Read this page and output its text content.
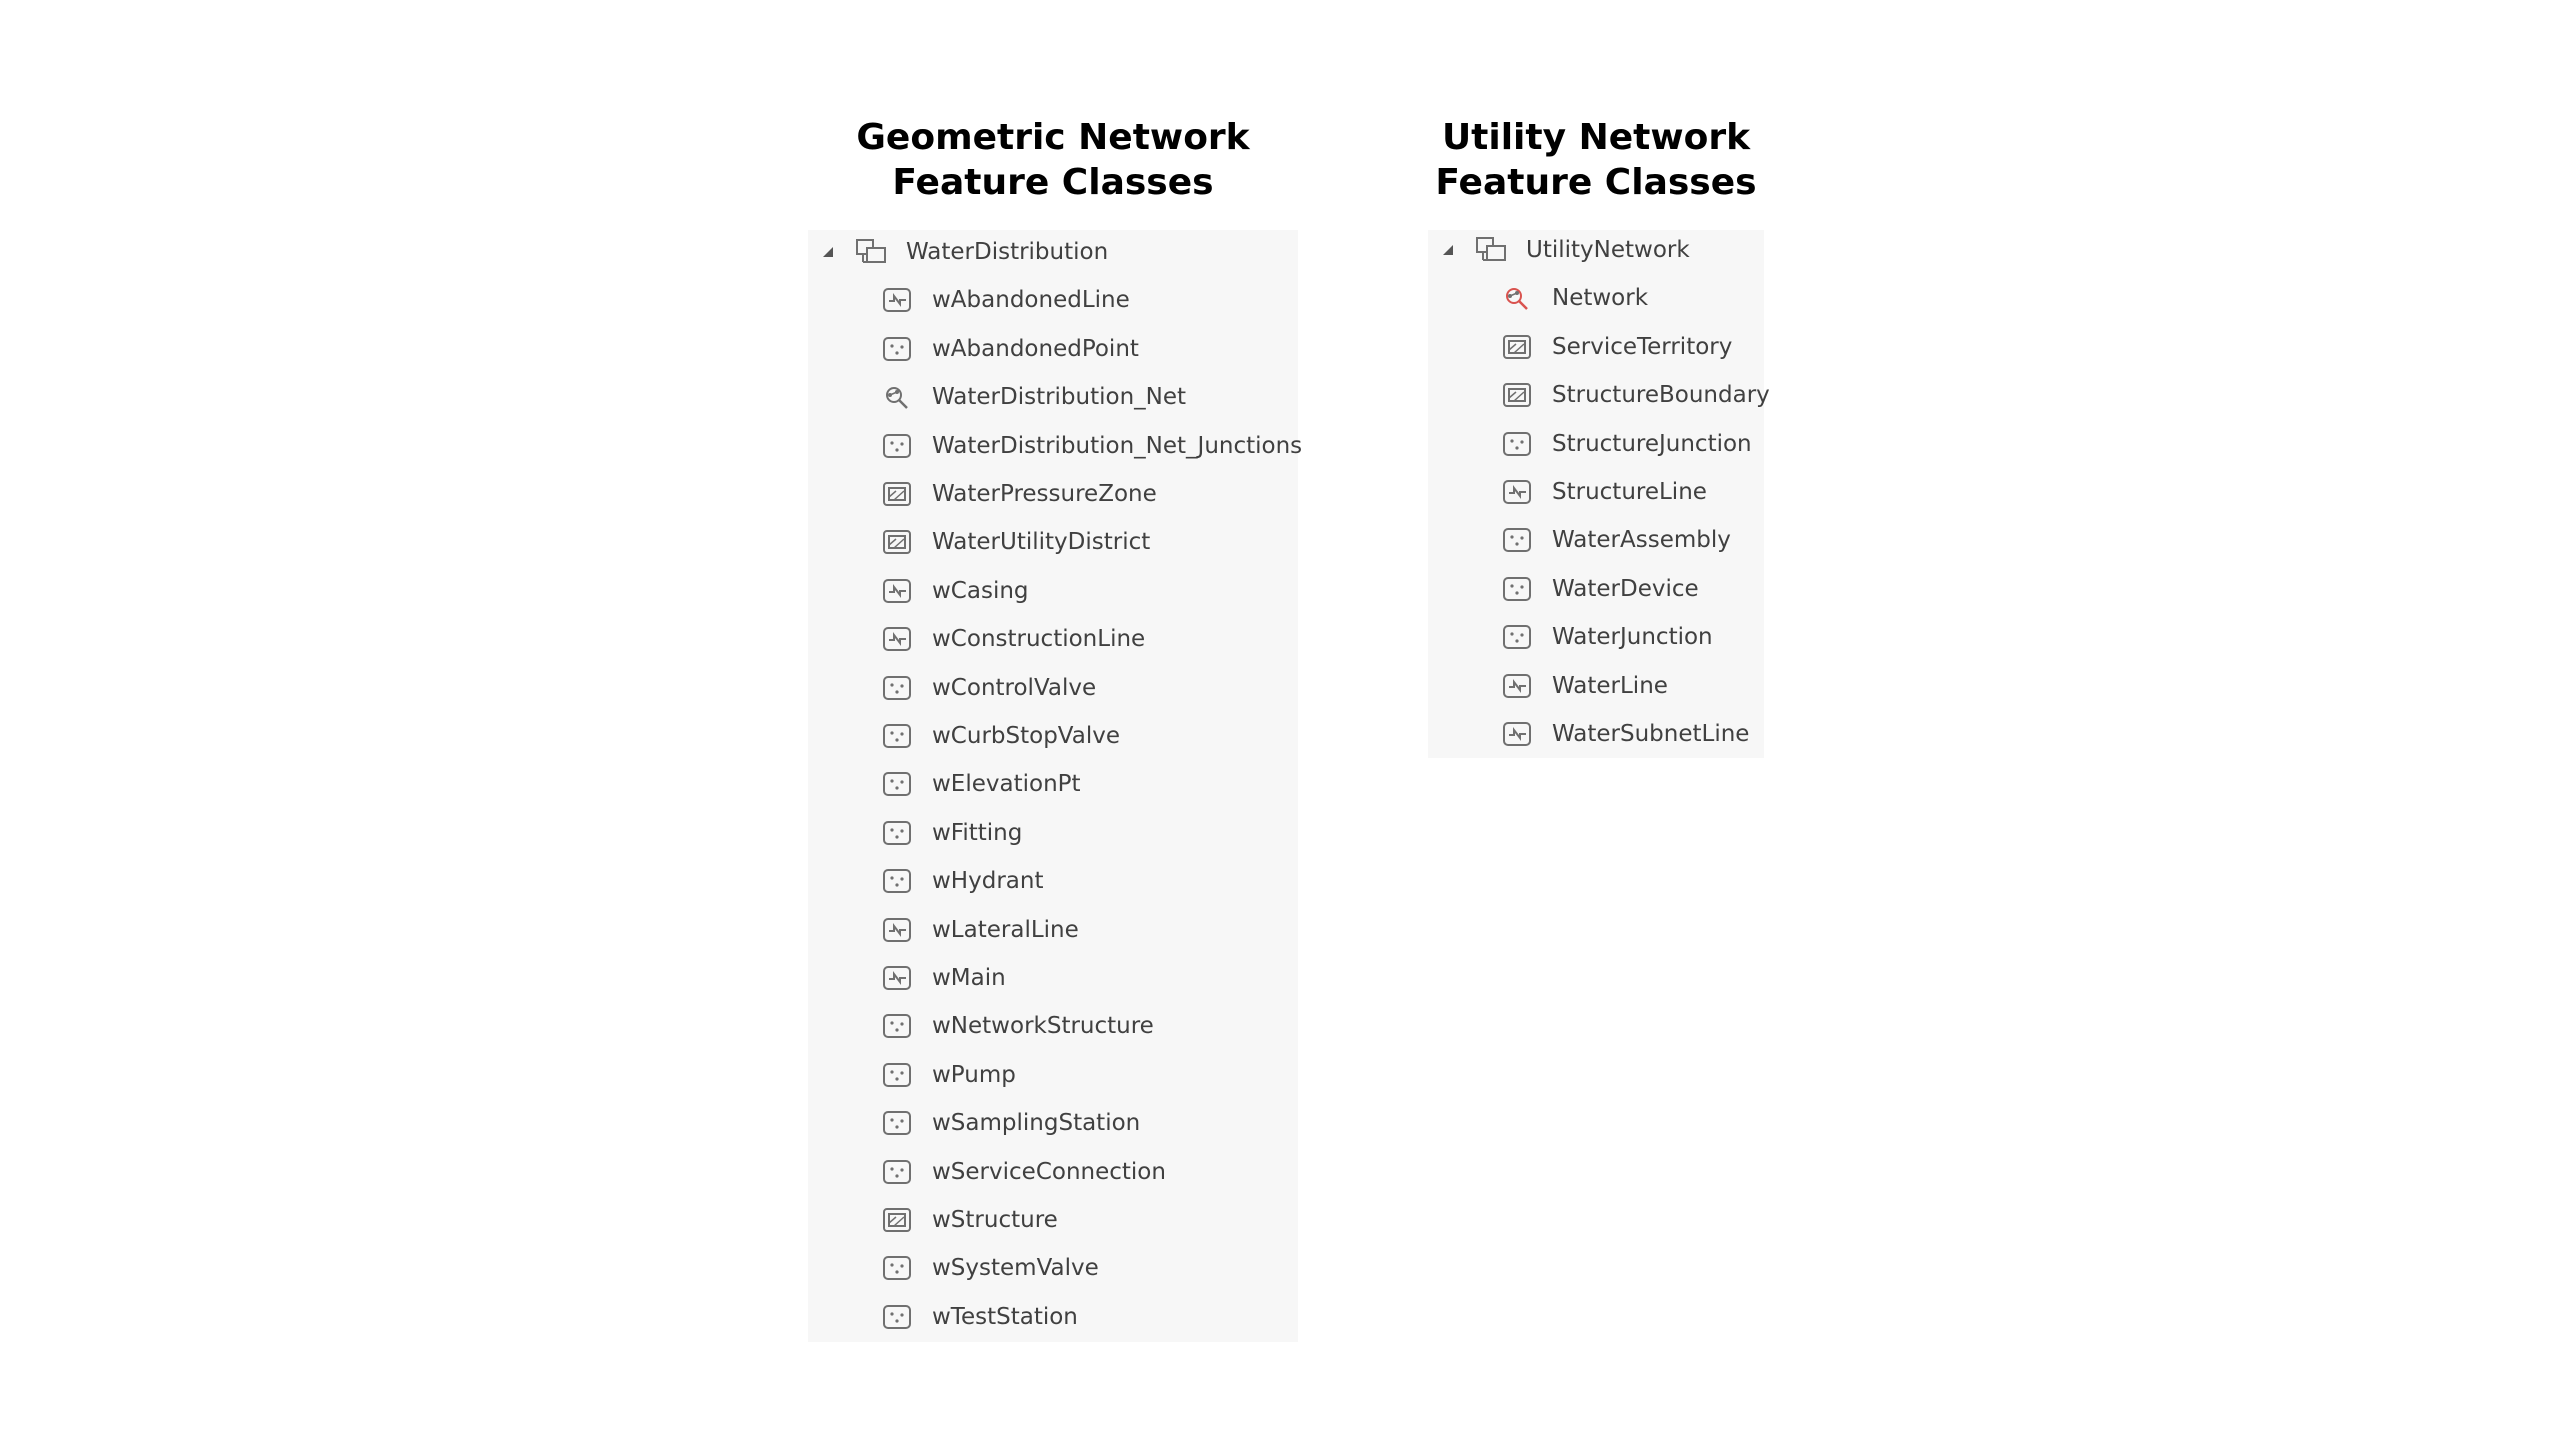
Geometric Network
Feature Classes
WaterDistribution
wAbandonedLine
wAbandonedPoint
WaterDistribution_Net
WaterDistribution_Net_Junctions
WaterPressureZone
WaterUtilityDistrict
wCasing
wConstructionLine
wControlValve
wCurbStopValve
wElevationPt
wFitting
wHydrant
wLateralLine
wMain
wNetworkStructure
wPump
wSamplingStation
wServiceConnection
wStructure
wSystemValve
wTestStation
Utility Network
Feature Classes
UtilityNetwork
Network
ServiceTerritory
StructureBoundary
StructureJunction
StructureLine
WaterAssembly
WaterDevice
WaterJunction
WaterLine
WaterSubnetLine
